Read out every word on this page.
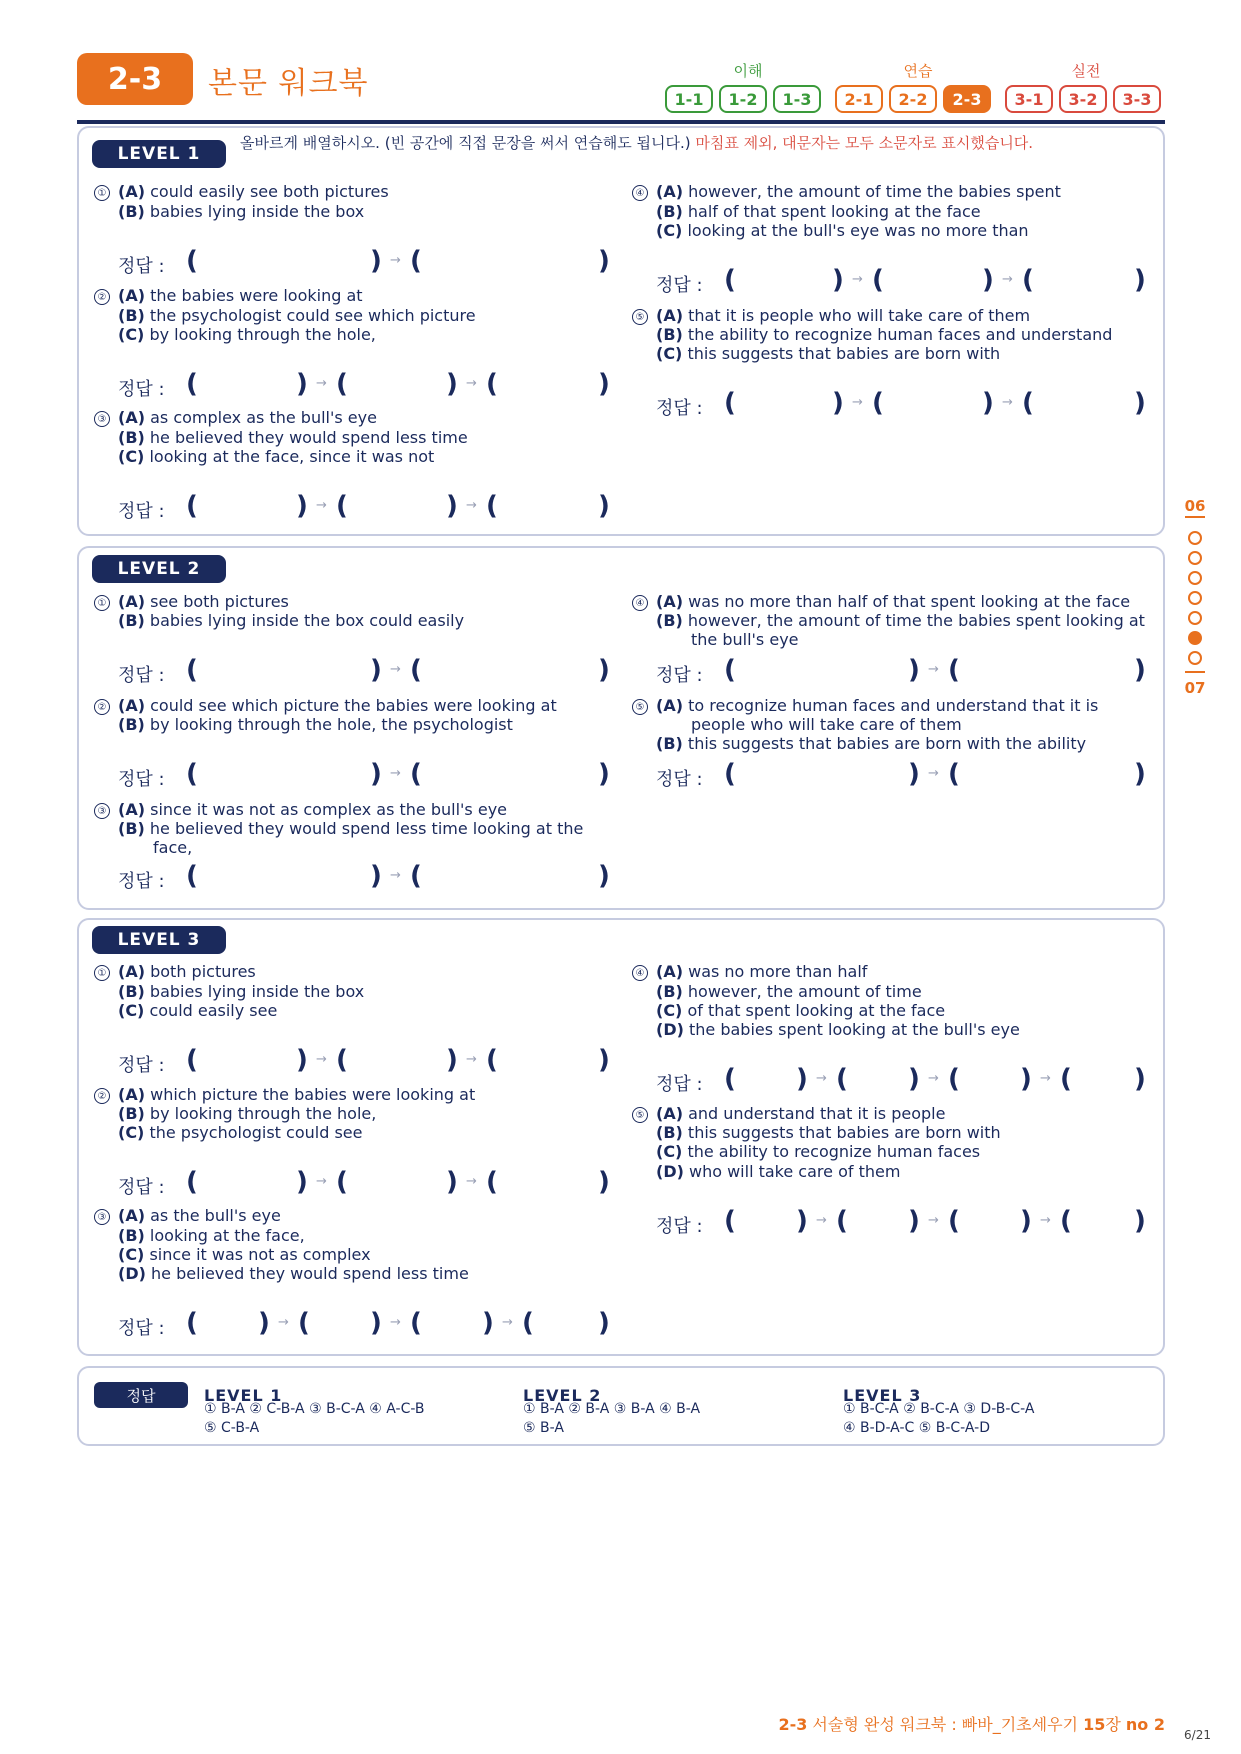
2-3	본문 워크북	이해	연습	실전
1-1	1-2	1-3	2-1	2-2	2-3	3-1	3-2	3-3
06
07
LEVEL 1
LEVEL 2
LEVEL 3
올바르게 배열하시오. (빈 공간에 직접 문장을 써서 연습해도 됩니다.) 마침표 제외, 대문자는 모두 소문자로 표시했습니다.
① (A) could easily see both pictures
(B) babies lying inside the box
정답 : (	) → (	)
② (A) the babies were looking at
(B) the psychologist could see which picture
(C) by looking through the hole,
정답 : (	) → (	) → (	)
③ (A) as complex as the bull's eye
(B) he believed they would spend less time
(C) looking at the face, since it was not
정답 : (	) → (	) → (	)
④ (A) however, the amount of time the babies spent
(B) half of that spent looking at the face
(C) looking at the bull's eye was no more than
정답 : (	) → (	) → (	)
⑤ (A) that it is people who will take care of them
(B) the ability to recognize human faces and understand
(C) this suggests that babies are born with
정답 : (	) → (	) → (	)
① (A) see both pictures
(B) babies lying inside the box could easily
정답 : (	) → (	)
② (A) could see which picture the babies were looking at
(B) by looking through the hole, the psychologist
정답 : (	) → (	)
③ (A) since it was not as complex as the bull's eye
(B) he believed they would spend less time looking at the face,
정답 : (	) → (	)
④ (A) was no more than half of that spent looking at the face
(B) however, the amount of time the babies spent looking at the bull's eye
정답 : (	) → (	)
⑤ (A) to recognize human faces and understand that it is people who will take care of them
(B) this suggests that babies are born with the ability
정답 : (	) → (	)
① (A) both pictures
(B) babies lying inside the box
(C) could easily see
정답 : (	) → (	) → (	)
② (A) which picture the babies were looking at
(B) by looking through the hole,
(C) the psychologist could see
정답 : (	) → (	) → (	)
③ (A) as the bull's eye
(B) looking at the face,
(C) since it was not as complex
(D) he believed they would spend less time
정답 : ( ) → ( ) → ( ) → ( )
④ (A) was no more than half
(B) however, the amount of time
(C) of that spent looking at the face
(D) the babies spent looking at the bull's eye
정답 : ( ) → ( ) → ( ) → ( )
⑤ (A) and understand that it is people
(B) this suggests that babies are born with
(C) the ability to recognize human faces
(D) who will take care of them
정답 : ( ) → ( ) → ( ) → ( )
정답	LEVEL 1
① B-A ② C-B-A ③ B-C-A ④ A-C-B
⑤ C-B-A
LEVEL 2
① B-A ② B-A ③ B-A ④ B-A
⑤ B-A
LEVEL 3
① B-C-A ② B-C-A ③ D-B-C-A
④ B-D-A-C ⑤ B-C-A-D
2-3 서술형 완성 워크북 : 빠바_기초세우기 15장 no 2
6/21
